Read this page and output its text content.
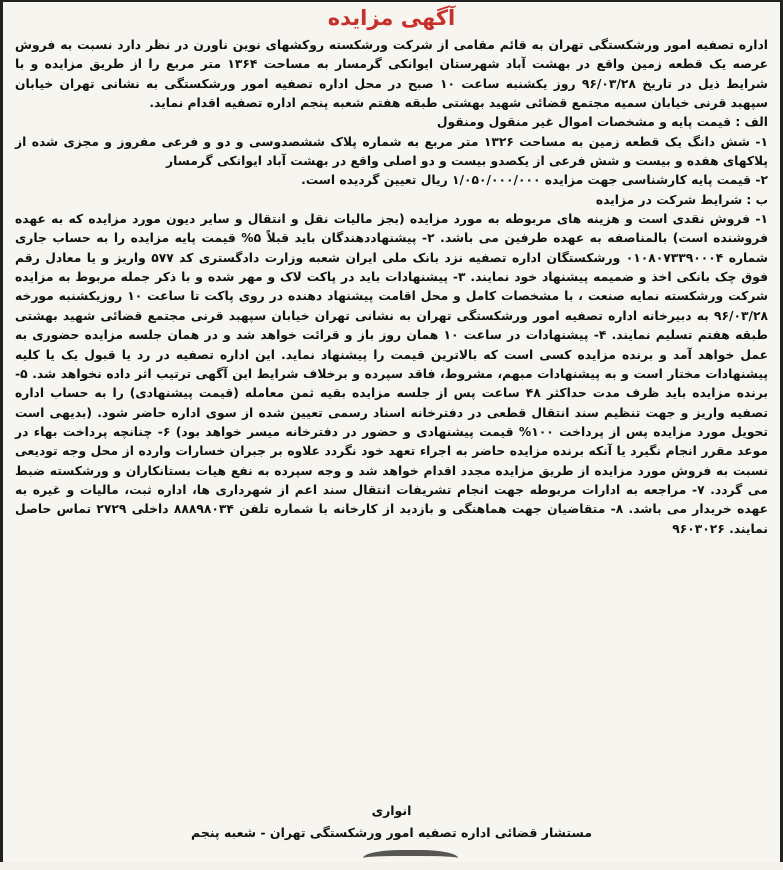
آگهی مزایده

اداره تصفیه امور ورشکستگی تهران به قائم مقامی از شرکت ورشکسته روکشهای نوین ناورن در نظر دارد نسبت به فروش عرصه یک قطعه زمین واقع در بهشت آباد شهرستان ایوانکی گرمسار به مساحت ۱۳۶۴ متر مربع را از طریق مزایده و با شرایط ذیل در تاریخ ۹۶/۰۳/۲۸ روز یکشنبه ساعت ۱۰ صبح در محل اداره تصفیه امور ورشکستگی به نشانی تهران خیابان سپهبد قرنی خیابان سمیه مجتمع قضائی شهید بهشتی طبقه هفتم شعبه پنجم اداره تصفیه اقدام نماید.

الف : قیمت پایه و مشخصات اموال غیر منقول ومنقول

۱- شش دانگ یک قطعه زمین به مساحت ۱۳۲۶ متر مربع به شماره پلاک ششصدوسی و دو و فرعی مفروز و مجزی شده از پلاکهای هفده و بیست و شش فرعی از یکصدو بیست و دو اصلی واقع در بهشت آباد ایوانکی گرمسار

۲- قیمت پایه کارشناسی جهت مزایده ۱/۰۵۰/۰۰۰/۰۰۰ ریال تعیین گردیده است.

ب : شرایط شرکت در مزایده

۱- فروش نقدی است و هزینه های مربوطه به مورد مزایده (بجز مالیات نقل و انتقال و سایر دیون مورد مزایده که به عهده فروشنده است) بالمناصفه به عهده طرفین می باشد. ۲- پیشنهاددهندگان باید قبلاً ۵% قیمت پایه مزایده را به حساب جاری شماره ۰۱۰۸۰۷۳۳۹۰۰۰۴ ورشکستگان اداره تصفیه نزد بانک ملی ایران شعبه وزارت دادگستری کد ۵۷۷ واریز و یا معادل رقم فوق چک بانکی اخذ و ضمیمه پیشنهاد خود نمایند. ۳- پیشنهادات باید در پاکت لاک و مهر شده و با ذکر جمله مربوط به مزایده شرکت ورشکسته نمایه صنعت ، با مشخصات کامل و محل اقامت پیشنهاد دهنده در روی پاکت تا ساعت ۱۰ روزیکشنبه مورخه ۹۶/۰۳/۲۸ به دبیرخانه اداره تصفیه امور ورشکستگی تهران به نشانی تهران خیابان سپهبد قرنی مجتمع قضائی شهید بهشتی طبقه هفتم تسلیم نمایند. ۴- پیشنهادات در ساعت ۱۰ همان روز باز و قرائت خواهد شد و در همان جلسه مزایده حضوری به عمل خواهد آمد و برنده مزایده کسی است که بالاترین قیمت را پیشنهاد نماید. این اداره تصفیه در رد یا قبول یک یا کلیه پیشنهادات مختار است و به پیشنهادات مبهم، مشروط، فاقد سپرده و برخلاف شرایط این آگهی ترتیب اثر داده نخواهد شد. ۵- برنده مزایده باید ظرف مدت حداکثر ۴۸ ساعت پس از جلسه مزایده بقیه ثمن معامله (قیمت پیشنهادی) را به حساب اداره تصفیه واریز و جهت تنظیم سند انتقال قطعی در دفترخانه اسناد رسمی تعیین شده از سوی اداره حاضر شود. (بدیهی است تحویل مورد مزایده پس از پرداخت ۱۰۰% قیمت پیشنهادی و حضور در دفترخانه میسر خواهد بود) ۶- چنانچه پرداخت بهاء در موعد مقرر انجام نگیرد یا آنکه برنده مزایده حاضر به اجراء تعهد خود نگردد علاوه بر جبران خسارات وارده از محل وجه تودیعی نسبت به فروش مورد مزایده از طریق مزایده مجدد اقدام خواهد شد و وجه سپرده به نفع هیات بستانکاران و ورشکسته ضبط می گردد. ۷- مراجعه به ادارات مربوطه جهت انجام تشریفات انتقال سند اعم از شهرداری ها، اداره ثبت، مالیات و غیره به عهده خریدار می باشد. ۸- متقاضیان جهت هماهنگی و بازدید از کارخانه با شماره تلفن ۸۸۸۹۸۰۳۴ داخلی ۲۷۲۹ تماس حاصل نمایند. ۹۶۰۳۰۲۶

انواری
مستشار قضائی اداره تصفیه امور ورشکستگی تهران - شعبه پنجم
